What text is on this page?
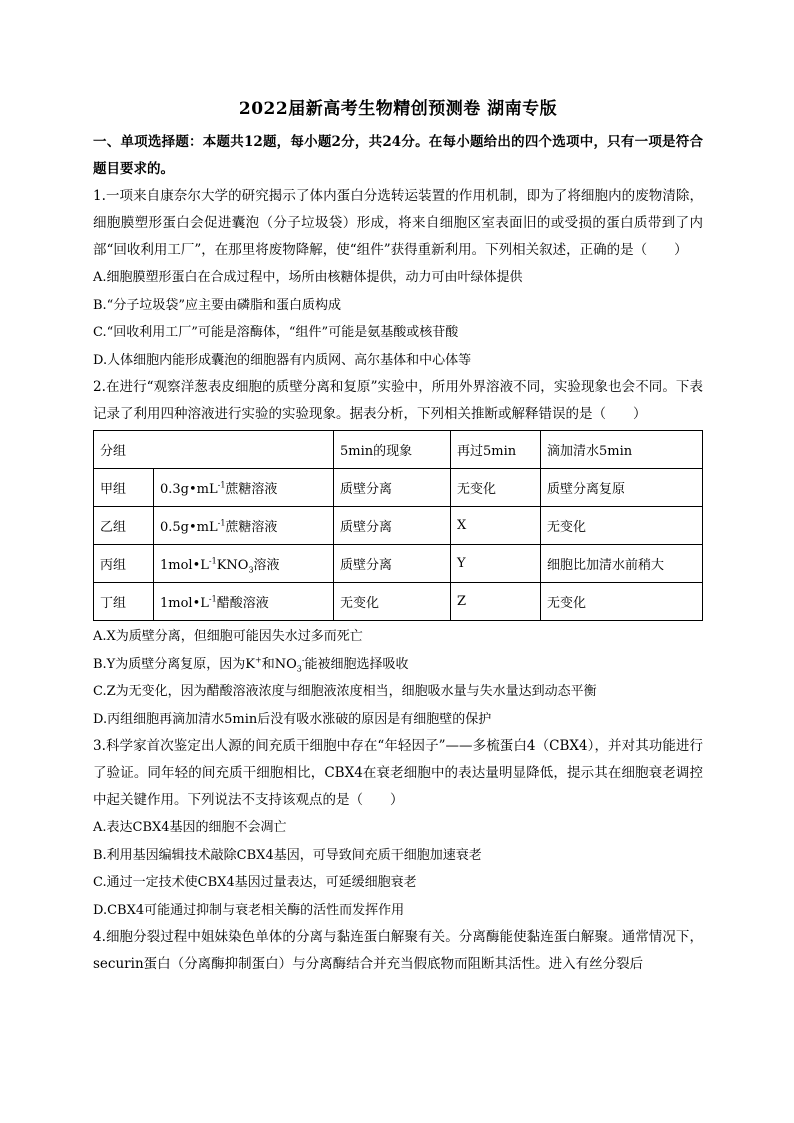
2022届新高考生物精创预测卷 湖南专版

一、单项选择题：本题共12题，每小题2分，共24分。在每小题给出的四个选项中，只有一项是符合题目要求的。

1.一项来自康奈尔大学的研究揭示了体内蛋白分选转运装置的作用机制，即为了将细胞内的废物清除，细胞膜塑形蛋白会促进囊泡（分子垃圾袋）形成，将来自细胞区室表面旧的或受损的蛋白质带到了内部“回收利用工厂”，在那里将废物降解，使“组件”获得重新利用。下列相关叙述，正确的是（　　）

A.细胞膜塑形蛋白在合成过程中，场所由核糖体提供，动力可由叶绿体提供

B.“分子垃圾袋”应主要由磷脂和蛋白质构成

C.“回收利用工厂”可能是溶酶体，“组件”可能是氨基酸或核苷酸

D.人体细胞内能形成囊泡的细胞器有内质网、高尔基体和中心体等

2.在进行“观察洋葱表皮细胞的质壁分离和复原”实验中，所用外界溶液不同，实验现象也会不同。下表记录了利用四种溶液进行实验的实验现象。据表分析，下列相关推断或解释错误的是（　　）

分组		5min的现象	再过5min	滴加清水5min
甲组	$0.3g•mL^{-1}$蔗糖溶液	质壁分离	无变化	质壁分离复原
乙组	$0.5g•mL^{-1}$蔗糖溶液	质壁分离	X	无变化
丙组	$1mol•L^{-1}KNO_3$溶液	质壁分离	Y	细胞比加清水前稍大
丁组	$1mol•L^{-1}$醋酸溶液	无变化	Z	无变化

A.X为质壁分离，但细胞可能因失水过多而死亡

B.Y为质壁分离复原，因为K+和$NO_3^-$能被细胞选择吸收

C.Z为无变化，因为醋酸溶液浓度与细胞液浓度相当，细胞吸水量与失水量达到动态平衡

D.丙组细胞再滴加清水5min后没有吸水涨破的原因是有细胞壁的保护

3.科学家首次鉴定出人源的间充质干细胞中存在“年轻因子”——多梳蛋白4（CBX4），并对其功能进行了验证。同年轻的间充质干细胞相比，CBX4在衰老细胞中的表达量明显降低，提示其在细胞衰老调控中起关键作用。下列说法不支持该观点的是（　　）

A.表达CBX4基因的细胞不会凋亡

B.利用基因编辑技术敲除CBX4基因，可导致间充质干细胞加速衰老

C.通过一定技术使CBX4基因过量表达，可延缓细胞衰老

D.CBX4可能通过抑制与衰老相关酶的活性而发挥作用

4.细胞分裂过程中姐妹染色单体的分离与黏连蛋白解聚有关。分离酶能使黏连蛋白解聚。通常情况下，securin蛋白（分离酶抑制蛋白）与分离酶结合并充当假底物而阻断其活性。进入有丝分裂后
